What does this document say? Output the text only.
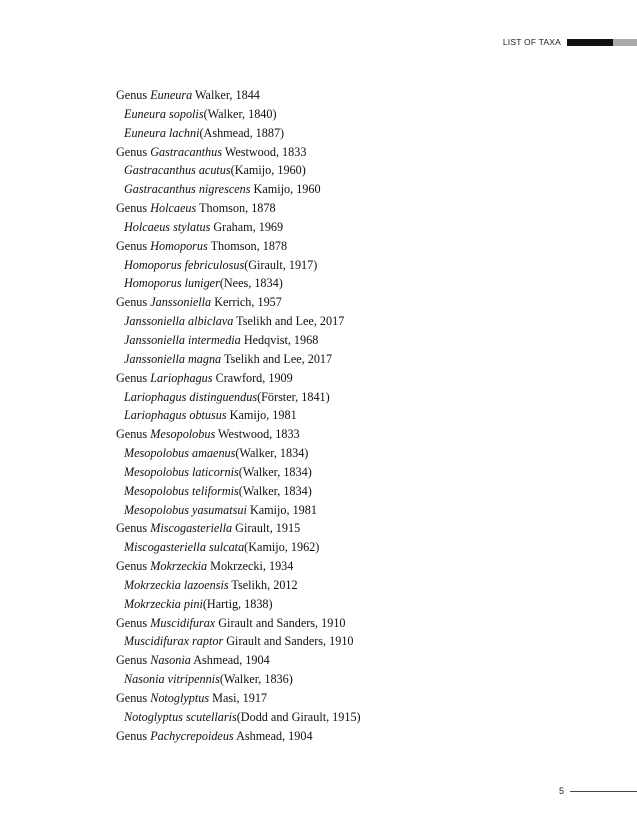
LIST OF TAXA
Genus Euneura Walker, 1844
Euneura sopolis(Walker, 1840)
Euneura lachni(Ashmead, 1887)
Genus Gastracanthus Westwood, 1833
Gastracanthus acutus(Kamijo, 1960)
Gastracanthus nigrescens Kamijo, 1960
Genus Holcaeus Thomson, 1878
Holcaeus stylatus Graham, 1969
Genus Homoporus Thomson, 1878
Homoporus febriculosus(Girault, 1917)
Homoporus luniger(Nees, 1834)
Genus Janssoniella Kerrich, 1957
Janssoniella albiclava Tselikh and Lee, 2017
Janssoniella intermedia Hedqvist, 1968
Janssoniella magna Tselikh and Lee, 2017
Genus Lariophagus Crawford, 1909
Lariophagus distinguendus(Förster, 1841)
Lariophagus obtusus Kamijo, 1981
Genus Mesopolobus Westwood, 1833
Mesopolobus amaenus(Walker, 1834)
Mesopolobus laticornis(Walker, 1834)
Mesopolobus teliformis(Walker, 1834)
Mesopolobus yasumatsui Kamijo, 1981
Genus Miscogasteriella Girault, 1915
Miscogasteriella sulcata(Kamijo, 1962)
Genus Mokrzeckia Mokrzecki, 1934
Mokrzeckia lazoensis Tselikh, 2012
Mokrzeckia pini(Hartig, 1838)
Genus Muscidifurax Girault and Sanders, 1910
Muscidifurax raptor Girault and Sanders, 1910
Genus Nasonia Ashmead, 1904
Nasonia vitripennis(Walker, 1836)
Genus Notoglyptus Masi, 1917
Notoglyptus scutellaris(Dodd and Girault, 1915)
Genus Pachycrepoideus Ashmead, 1904
5
